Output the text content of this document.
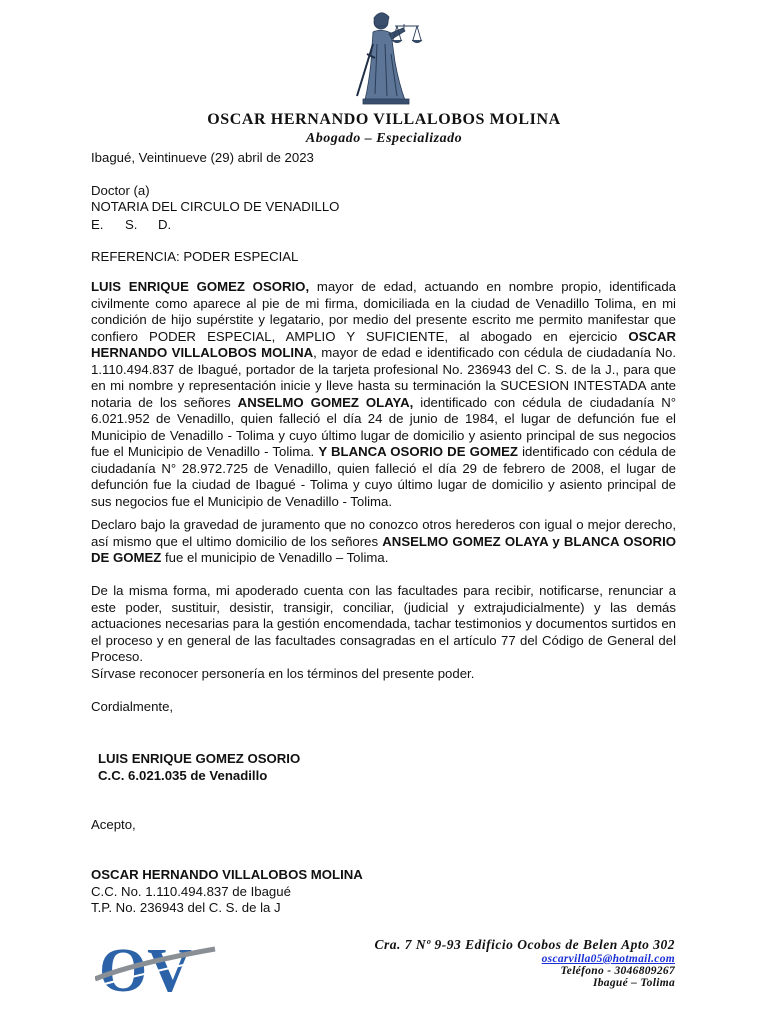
OSCAR HERNANDO VILLALOBOS MOLINA
Abogado – Especializado
Ibagué, Veintinueve (29) abril de 2023
Doctor (a)
NOTARIA DEL CIRCULO DE VENADILLO
E. S. D.
REFERENCIA: PODER ESPECIAL
LUIS ENRIQUE GOMEZ OSORIO, mayor de edad, actuando en nombre propio, identificada civilmente como aparece al pie de mi firma, domiciliada en la ciudad de Venadillo Tolima, en mi condición de hijo supérstite y legatario, por medio del presente escrito me permito manifestar que confiero PODER ESPECIAL, AMPLIO Y SUFICIENTE, al abogado en ejercicio OSCAR HERNANDO VILLALOBOS MOLINA, mayor de edad e identificado con cédula de ciudadanía No. 1.110.494.837 de Ibagué, portador de la tarjeta profesional No. 236943 del C. S. de la J., para que en mi nombre y representación inicie y lleve hasta su terminación la SUCESION INTESTADA ante notaria de los señores ANSELMO GOMEZ OLAYA, identificado con cédula de ciudadanía N° 6.021.952 de Venadillo, quien falleció el día 24 de junio de 1984, el lugar de defunción fue el Municipio de Venadillo - Tolima y cuyo último lugar de domicilio y asiento principal de sus negocios fue el Municipio de Venadillo - Tolima. Y BLANCA OSORIO DE GOMEZ identificado con cédula de ciudadanía N° 28.972.725 de Venadillo, quien falleció el día 29 de febrero de 2008, el lugar de defunción fue la ciudad de Ibagué - Tolima y cuyo último lugar de domicilio y asiento principal de sus negocios fue el Municipio de Venadillo - Tolima.
Declaro bajo la gravedad de juramento que no conozco otros herederos con igual o mejor derecho, así mismo que el ultimo domicilio de los señores ANSELMO GOMEZ OLAYA y BLANCA OSORIO DE GOMEZ fue el municipio de Venadillo – Tolima.
De la misma forma, mi apoderado cuenta con las facultades para recibir, notificarse, renunciar a este poder, sustituir, desistir, transigir, conciliar, (judicial y extrajudicialmente) y las demás actuaciones necesarias para la gestión encomendada, tachar testimonios y documentos surtidos en el proceso y en general de las facultades consagradas en el artículo 77 del Código de General del Proceso.
Sírvase reconocer personería en los términos del presente poder.
Cordialmente,
LUIS ENRIQUE GOMEZ OSORIO
C.C. 6.021.035 de Venadillo
Acepto,
OSCAR HERNANDO VILLALOBOS MOLINA
C.C. No. 1.110.494.837 de Ibagué
T.P. No. 236943 del C. S. de la J
OV	Cra. 7 Nº 9-93 Edificio Ocobos de Belen Apto 302
oscarvilla05@hotmail.com
Teléfono - 3046809267
Ibagué – Tolima
